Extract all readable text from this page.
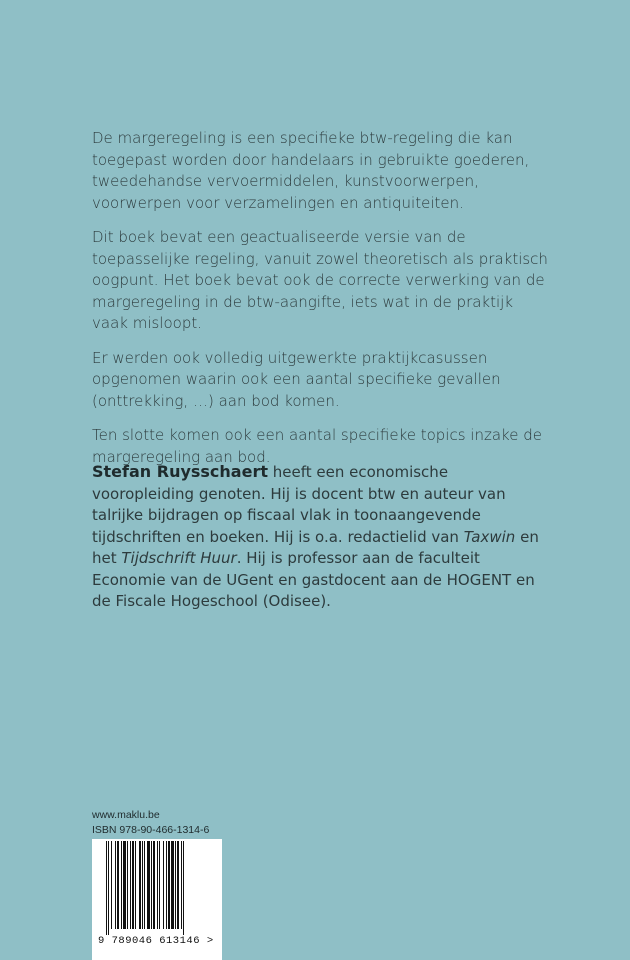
De margeregeling is een specifieke btw-regeling die kan toegepast worden door handelaars in gebruikte goederen, tweedehandse vervoermiddelen, kunstvoorwerpen, voorwerpen voor verzamelingen en antiquiteiten.

Dit boek bevat een geactualiseerde versie van de toepasselijke regeling, vanuit zowel theoretisch als praktisch oogpunt. Het boek bevat ook de correcte verwerking van de margeregeling in de btw-aangifte, iets wat in de praktijk vaak misloopt.

Er werden ook volledig uitgewerkte praktijkcasussen opgenomen waarin ook een aantal specifieke gevallen (onttrekking, …) aan bod komen.

Ten slotte komen ook een aantal specifieke topics inzake de margeregeling aan bod.

Stefan Ruysschaert heeft een economische vooropleiding genoten. Hij is docent btw en auteur van talrijke bijdragen op fiscaal vlak in toonaangevende tijdschriften en boeken. Hij is o.a. redactielid van Taxwin en het Tijdschrift Huur. Hij is professor aan de faculteit Economie van de UGent en gastdocent aan de HOGENT en de Fiscale Hogeschool (Odisee).

www.maklu.be
ISBN 978-90-466-1314-6
9 789046 613146 >
